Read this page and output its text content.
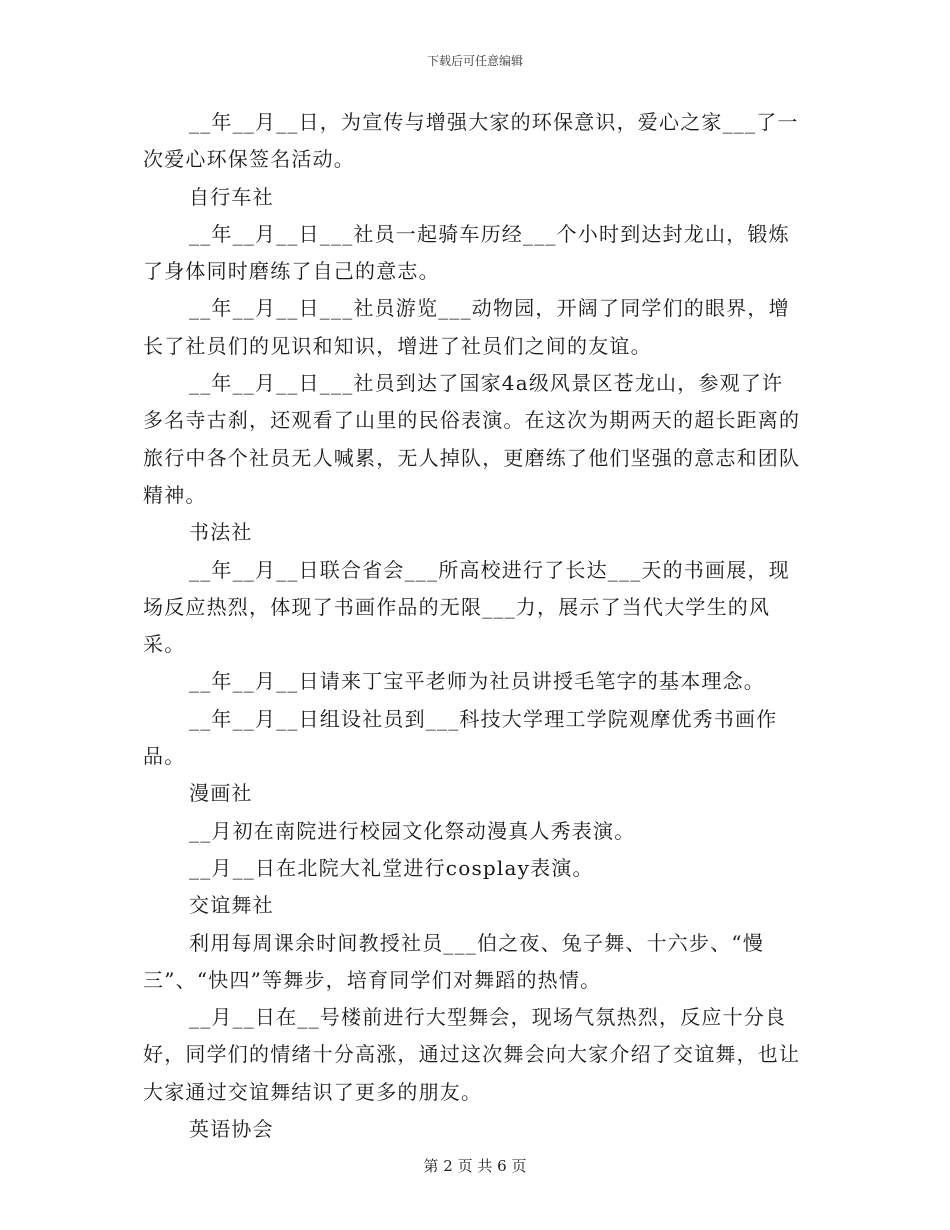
下载后可任意编辑

__年__月__日，为宣传与增强大家的环保意识，爱心之家___了一次爱心环保签名活动。

自行车社

__年__月__日___社员一起骑车历经___个小时到达封龙山，锻炼了身体同时磨练了自己的意志。

__年__月__日___社员游览___动物园，开阔了同学们的眼界，增长了社员们的见识和知识，增进了社员们之间的友谊。

__年__月__日___社员到达了国家4a级风景区苍龙山，参观了许多名寺古刹，还观看了山里的民俗表演。在这次为期两天的超长距离的旅行中各个社员无人喊累，无人掉队，更磨练了他们坚强的意志和团队精神。

书法社

__年__月__日联合省会___所高校进行了长达___天的书画展，现场反应热烈，体现了书画作品的无限___力，展示了当代大学生的风采。

__年__月__日请来丁宝平老师为社员讲授毛笔字的基本理念。

__年__月__日组设社员到___科技大学理工学院观摩优秀书画作品。

漫画社

__月初在南院进行校园文化祭动漫真人秀表演。

__月__日在北院大礼堂进行cosplay表演。

交谊舞社

利用每周课余时间教授社员___伯之夜、兔子舞、十六步、“慢三”、“快四”等舞步，培育同学们对舞蹈的热情。

__月__日在__号楼前进行大型舞会，现场气氛热烈，反应十分良好，同学们的情绪十分高涨，通过这次舞会向大家介绍了交谊舞，也让大家通过交谊舞结识了更多的朋友。

英语协会

第 2 页 共 6 页
